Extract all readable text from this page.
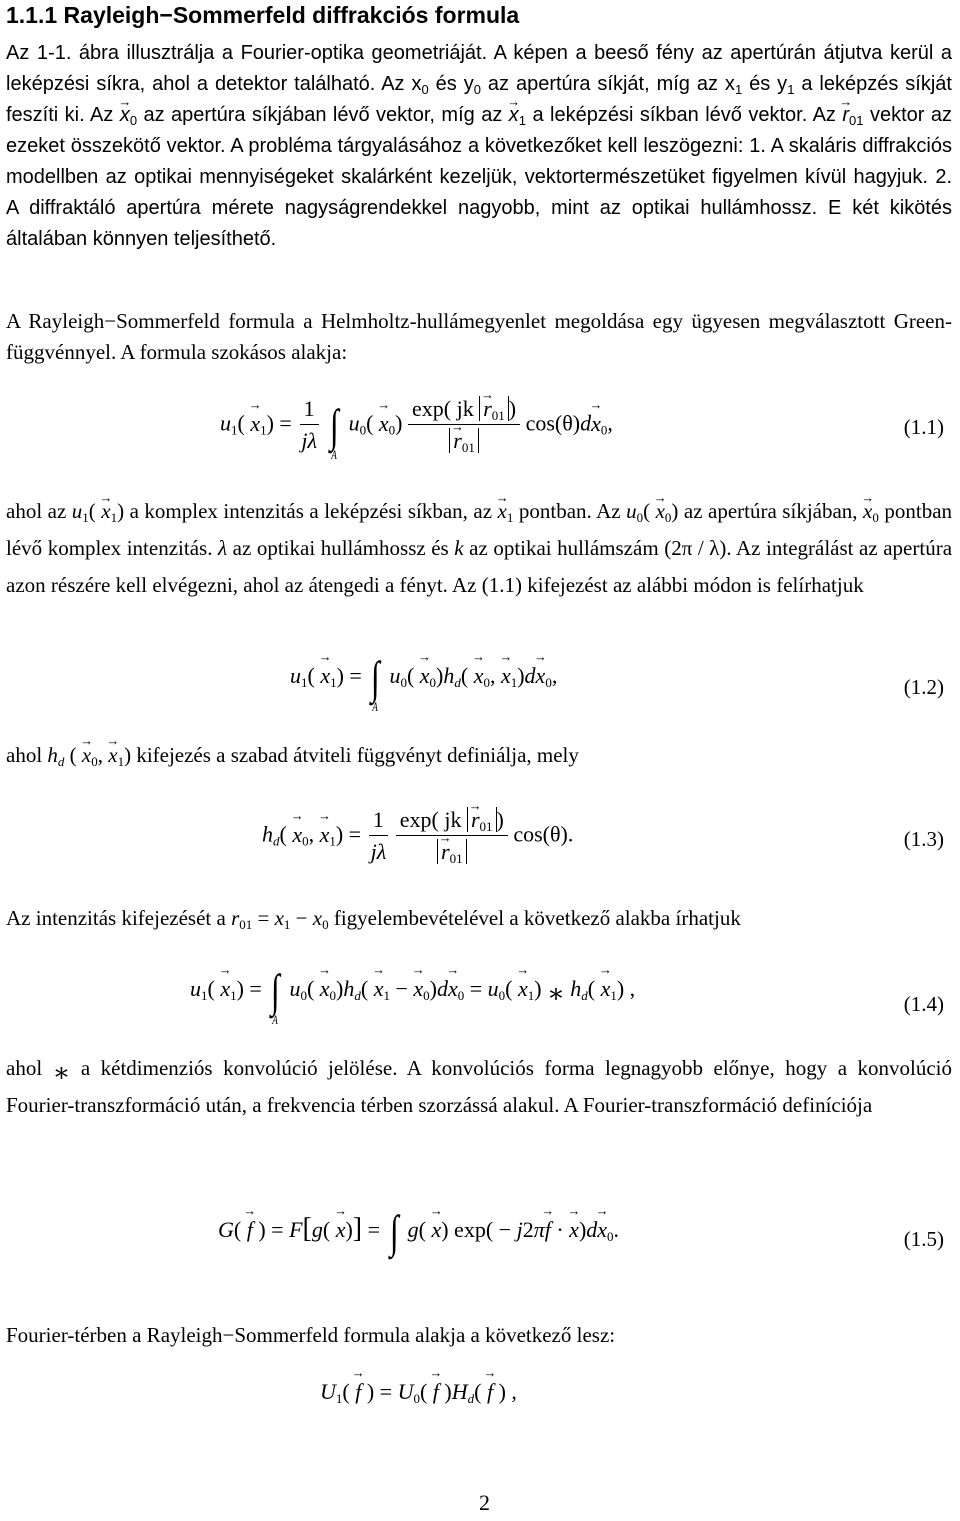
1.1.1 Rayleigh−Sommerfeld diffrakciós formula
Az 1-1. ábra illusztrálja a Fourier-optika geometriáját. A képen a beeső fény az apertúrán átjutva kerül a leképzési síkra, ahol a detektor található. Az $x_0$ és $y_0$ az apertúra síkját, míg az $x_1$ és $y_1$ a leképzés síkját feszíti ki. $Az \to x_0$ az apertúra síkjában lévő vektor, míg az → $x_1$ a leképzési síkban lévő vektor. $Az \to r_{01}$ vektor az ezeket összekötő vektor. A probléma tárgyalásához a következőket kell leszögezni: 1. A skaláris diffrakciós modellben az optikai mennyiségeket skalárként kezeljük, vektortermészetüket figyelmen kívül hagyjuk. 2. A diffraktáló apertúra mérete nagyságrendekkel nagyobb, mint az optikai hullámhossz. E két kikötés általában könnyen teljesíthető.
A Rayleigh−Sommerfeld formula a Helmholtz-hullámegyenlet megoldása egy ügyesen megválasztott Green-függvénnyel. A formula szokásos alakja:
$u_1( \to x_1) = \frac{1}{j\lambda}$ ∫
A
$u_0( \to x_0)$ exp( jk → $r_{01}$ )
→ $r_{01}$ $\cos(\theta)d\to x_0$,	(1.1)
ahol az $u_1( \to x_1)$ a komplex intenzitás a leképzési síkban, az → $x_1$ pontban. Az $u_0( \to x_0)$ az apertúra síkjában, → $x_0$ pontban lévő komplex intenzitás. λ az optikai hullámhossz és k az optikai hullámszám (2π / λ). Az integrálást az apertúra azon részére kell elvégezni, ahol az átengedi a fényt. Az (1.1) kifejezést az alábbi módon is felírhatjuk
$u_1( \to x_1)$ = ∫
A
$u_0( \to x_0)h_d( \to x_0$, → $x_1)d\to x_0$,	(1.2)
ahol $h_d$ ( → $x_0$, → $x_1$) kifejezés a szabad átviteli függvényt definiálja, mely
$h_d( \to x_0$, → $x_1) = \frac{1}{j\lambda}$
exp( jk → $r_{01}$ )
→ $r_{01}$ cos(θ).	(1.3)
Az intenzitás kifejezését a $r_{01} = x_1 - x_0$ figyelembevételével a következő alakba írhatjuk
$u_1( \to x_1)$ = ∫
A
$u_0( \to x_0)h_d( \to x_1$ − → $x_0)d\to x_0 = u_0( \to x_1)$ ∗ $h_d( \to x_1)$ ,
(1.4)
ahol ∗ a kétdimenziós konvolúció jelölése. A konvolúciós forma legnagyobb előnye, hogy a konvolúció Fourier-transzformáció után, a frekvencia térben szorzássá alakul. A Fourier-transzformáció definíciója
G( → f ) = F[g( → x)] = ∫ g( → x) exp( − j2π→ f · → $x)d\to x_0$.	(1.5)
Fourier-térben a Rayleigh−Sommerfeld formula alakja a következő lesz:
$U_1( \to f$ ) = $U_0( \to f$ )$H_d( \to f$ ) ,
2
